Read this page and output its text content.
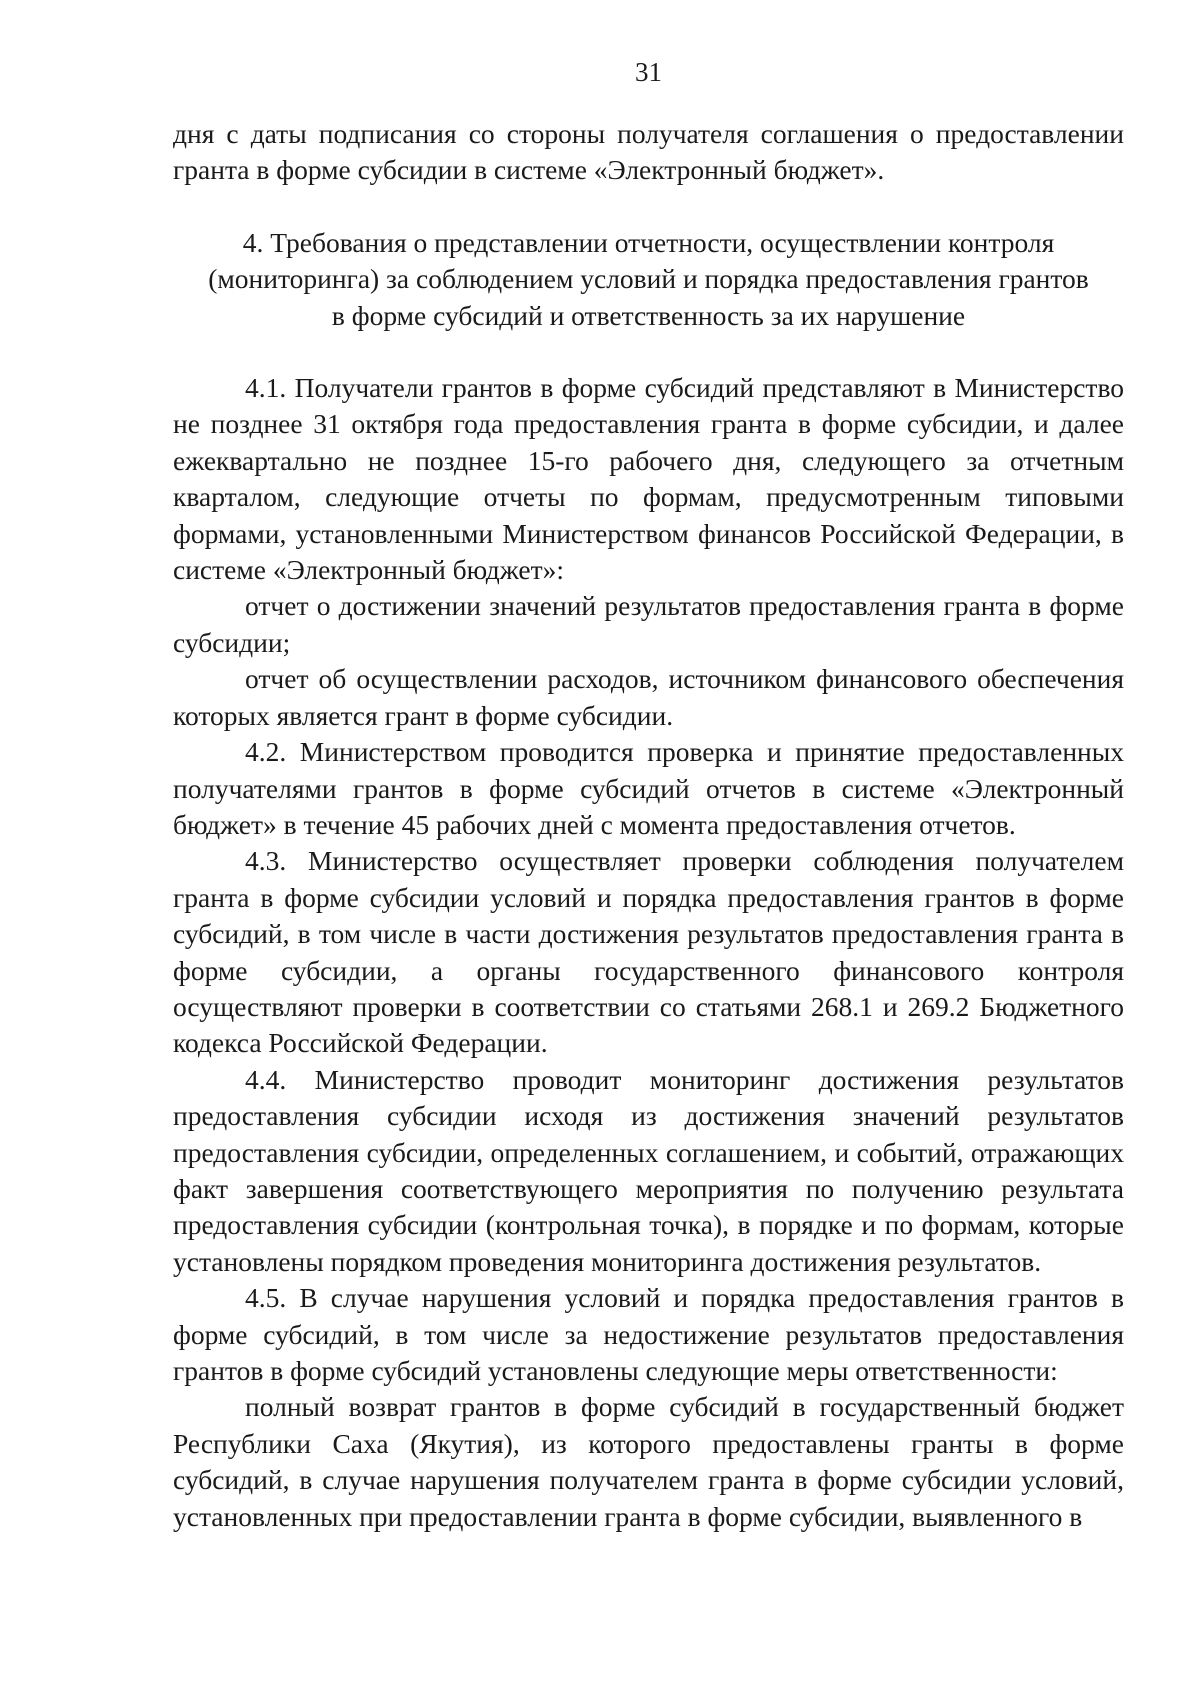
31

дня с даты подписания со стороны получателя соглашения о предоставлении гранта в форме субсидии в системе «Электронный бюджет».

4. Требования о представлении отчетности, осуществлении контроля
(мониторинга) за соблюдением условий и порядка предоставления грантов
в форме субсидий и ответственность за их нарушение

4.1. Получатели грантов в форме субсидий представляют в Министерство не позднее 31 октября года предоставления гранта в форме субсидии, и далее ежеквартально не позднее 15-го рабочего дня, следующего за отчетным кварталом, следующие отчеты по формам, предусмотренным типовыми формами, установленными Министерством финансов Российской Федерации, в системе «Электронный бюджет»:

отчет о достижении значений результатов предоставления гранта в форме субсидии;

отчет об осуществлении расходов, источником финансового обеспечения которых является грант в форме субсидии.

4.2. Министерством проводится проверка и принятие предоставленных получателями грантов в форме субсидий отчетов в системе «Электронный бюджет» в течение 45 рабочих дней с момента предоставления отчетов.

4.3. Министерство осуществляет проверки соблюдения получателем гранта в форме субсидии условий и порядка предоставления грантов в форме субсидий, в том числе в части достижения результатов предоставления гранта в форме субсидии, а органы государственного финансового контроля осуществляют проверки в соответствии со статьями 268.1 и 269.2 Бюджетного кодекса Российской Федерации.

4.4. Министерство проводит мониторинг достижения результатов предоставления субсидии исходя из достижения значений результатов предоставления субсидии, определенных соглашением, и событий, отражающих факт завершения соответствующего мероприятия по получению результата предоставления субсидии (контрольная точка), в порядке и по формам, которые установлены порядком проведения мониторинга достижения результатов.

4.5. В случае нарушения условий и порядка предоставления грантов в форме субсидий, в том числе за недостижение результатов предоставления грантов в форме субсидий установлены следующие меры ответственности:

полный возврат грантов в форме субсидий в государственный бюджет Республики Саха (Якутия), из которого предоставлены гранты в форме субсидий, в случае нарушения получателем гранта в форме субсидии условий, установленных при предоставлении гранта в форме субсидии, выявленного в
